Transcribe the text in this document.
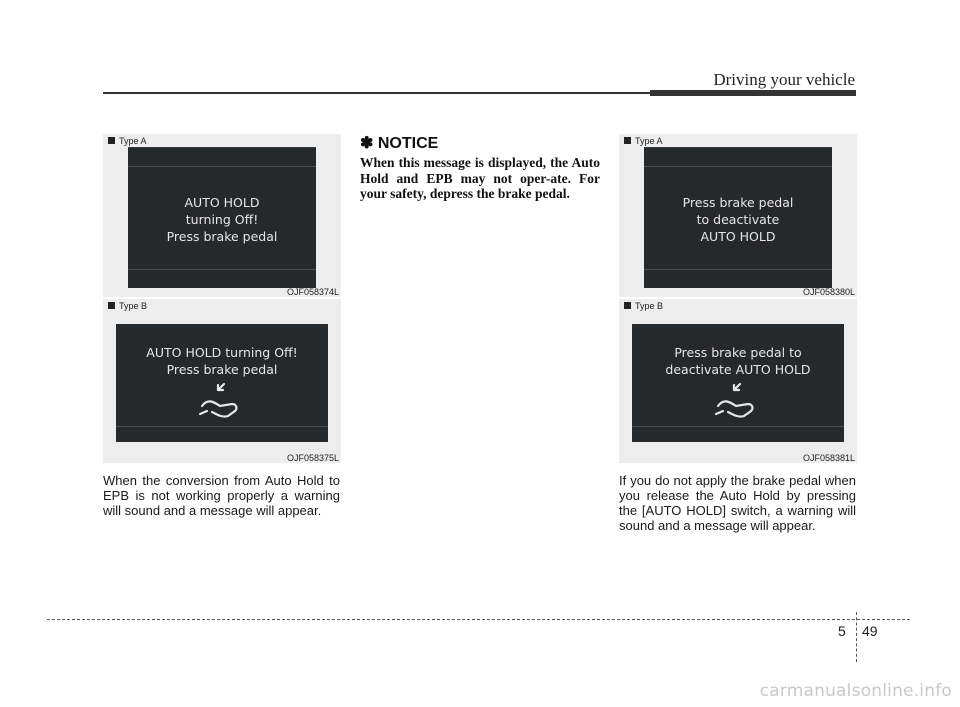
Driving your vehicle
Type A
AUTO HOLD
turning Off!
Press brake pedal
OJF058374L
Type B
AUTO HOLD turning Off!
Press brake pedal
OJF058375L
When the conversion from Auto Hold to EPB is not working properly a warning will sound and a message will appear.
✽ NOTICE
When this message is displayed, the Auto Hold and EPB may not oper-ate. For your safety, depress the brake pedal.
Type A
Press brake pedal
to deactivate
AUTO HOLD
OJF058380L
Type B
Press brake pedal to
deactivate AUTO HOLD
OJF058381L
If you do not apply the brake pedal when you release the Auto Hold by pressing the [AUTO HOLD] switch, a warning will sound and a message will appear.
5 49
carmanualsonline.info
